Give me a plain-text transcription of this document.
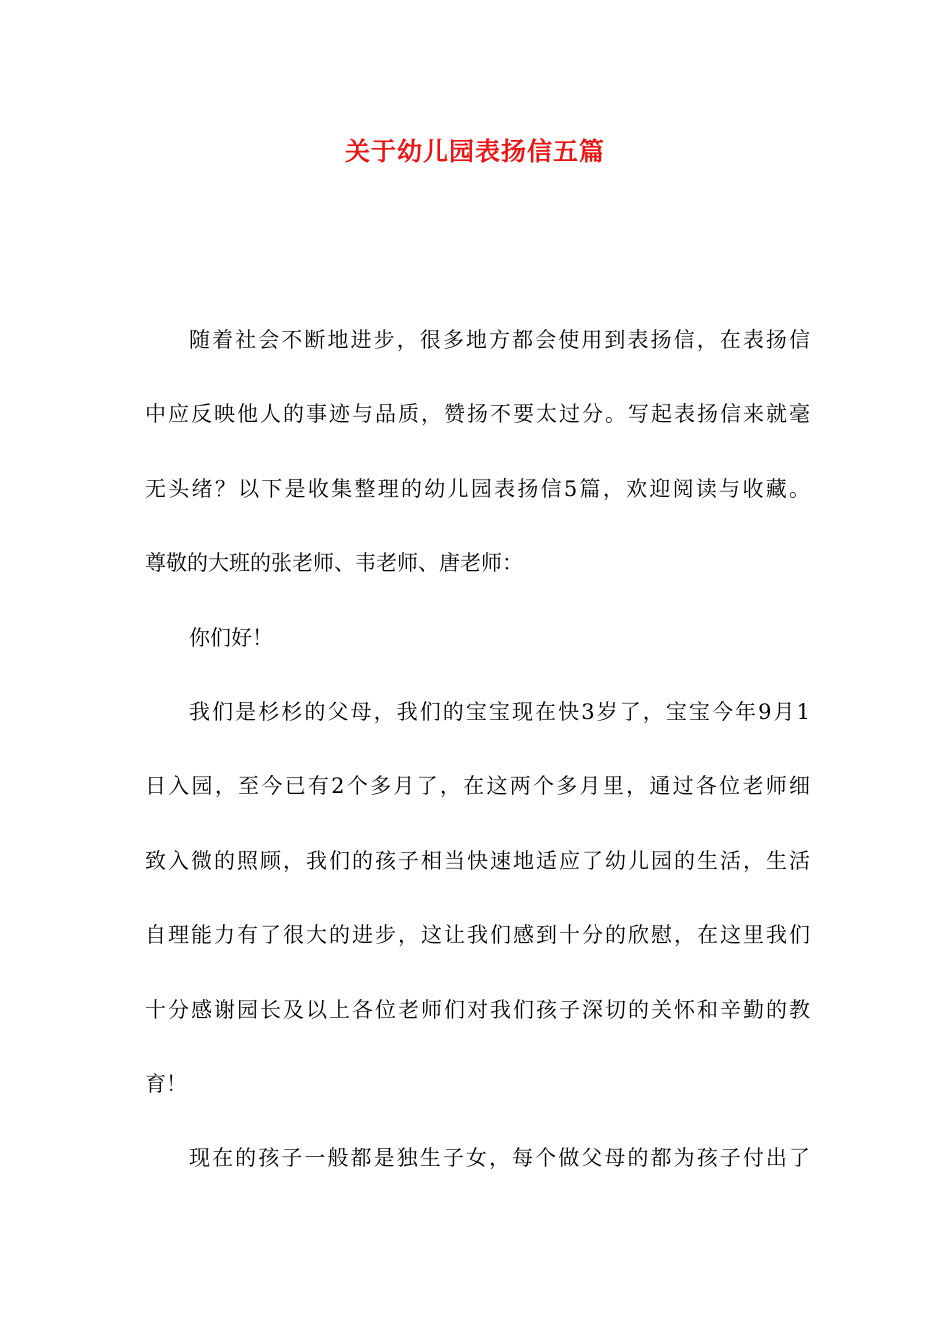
关于幼儿园表扬信五篇
随着社会不断地进步，很多地方都会使用到表扬信，在表扬信
中应反映他人的事迹与品质，赞扬不要太过分。写起表扬信来就毫
无头绪？以下是收集整理的幼儿园表扬信5篇，欢迎阅读与收藏。
尊敬的大班的张老师、韦老师、唐老师：
你们好！
我们是杉杉的父母，我们的宝宝现在快3岁了，宝宝今年9月1
日入园，至今已有2个多月了，在这两个多月里，通过各位老师细
致入微的照顾，我们的孩子相当快速地适应了幼儿园的生活，生活
自理能力有了很大的进步，这让我们感到十分的欣慰，在这里我们
十分感谢园长及以上各位老师们对我们孩子深切的关怀和辛勤的教
育！
现在的孩子一般都是独生子女，每个做父母的都为孩子付出了
